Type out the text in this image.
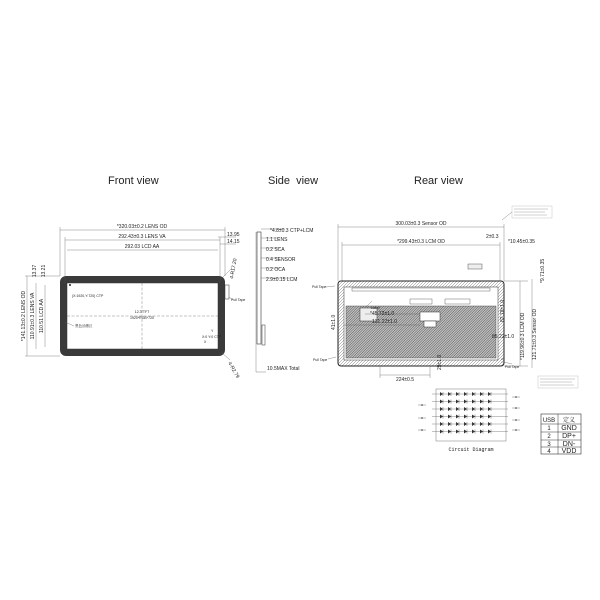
Front view	Side view	Rear view
*320.03±0.2 LENS OD
292.43±0.3 LENS VA
292.03 LCD AA
13.95
14.15
4-R17.20
4-R2.79
*141.13±0.2 LENS OD 110.91±0.3 LENS VA 110.51 LCD AA
13.37 13.21
(X:1920,Y:720) CTP
12.3"TFT
1920*RGB*720
黑色油墨区
X:0 Y:0 CTP
X
Y
Pull Tape
*4.8±0.3 CTP+LCM
1.1 LENS
0.2 SCA
0.4 SENSOR
0.2 OCA
2.9±0.15 LCM
10.5MAX Total
300.03±0.3 Sensor OD
*299.43±0.3 LCM OD
2±0.3
*10.45±0.35
Label
*45.72±1.0
131.22±1.0
224±0.5
82.78±1.0
85.22±1.0
29±1.0
41±1.0
1.5
*119.96±0.3 LCM OD 121.71±0.3 Sensor OD
*9.71±0.35
Pull Tape
Pull Tape
Pull Tape
Circuit Diagram
USB 定义
1 GND
2 DP+
3 DN-
4 VDD
